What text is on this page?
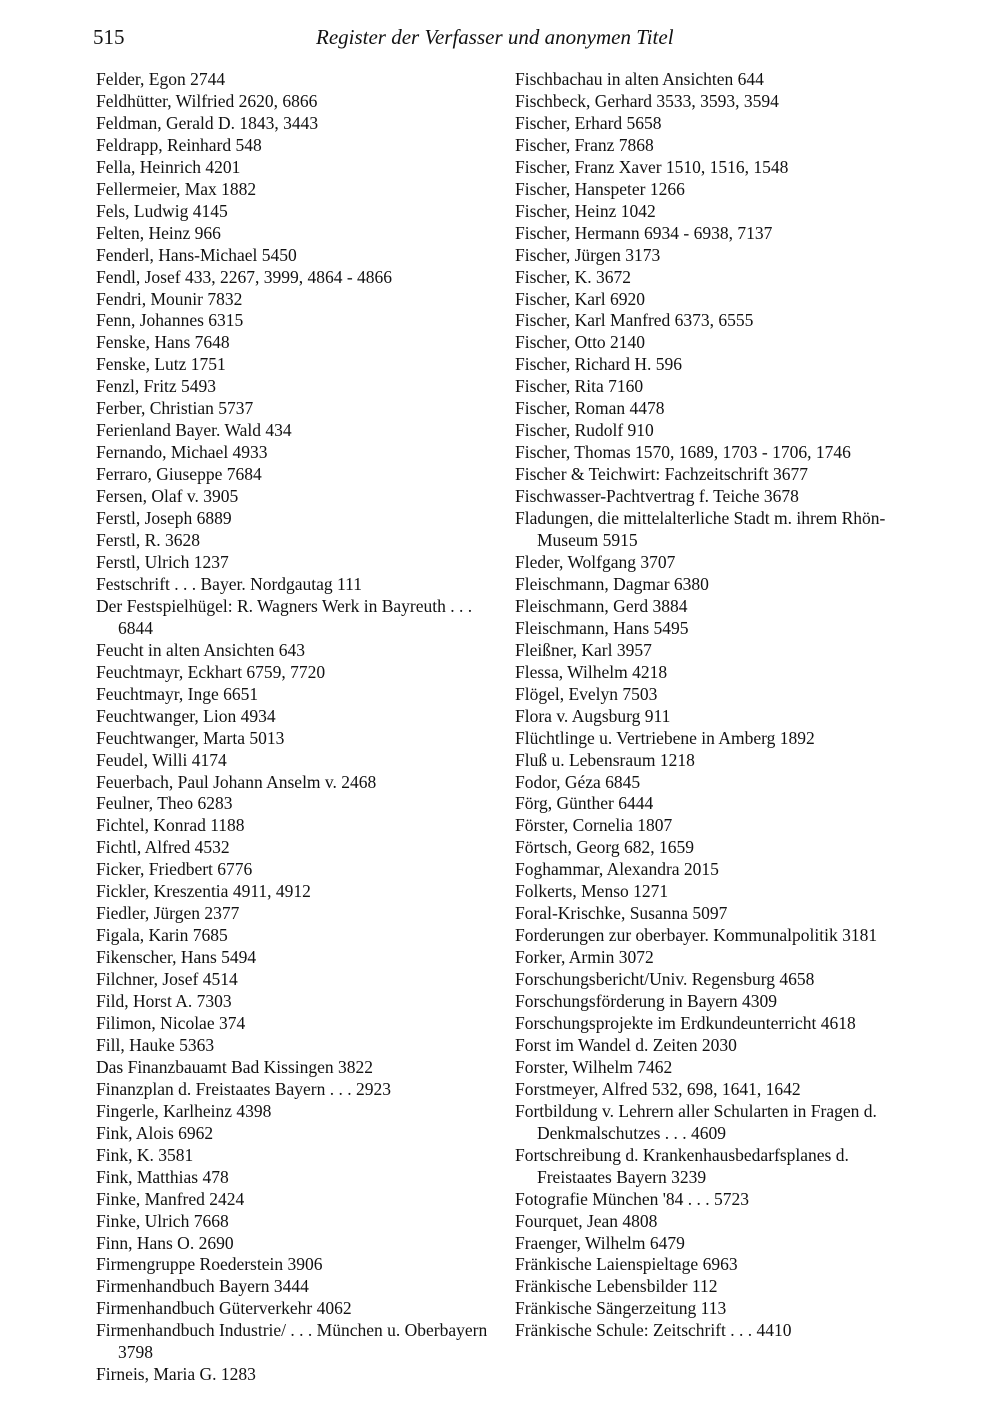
515	Register der Verfasser und anonymen Titel
Felder, Egon 2744
Feldhütter, Wilfried 2620, 6866
Feldman, Gerald D. 1843, 3443
Feldrapp, Reinhard 548
Fella, Heinrich 4201
Fellermeier, Max 1882
Fels, Ludwig 4145
Felten, Heinz 966
Fenderl, Hans-Michael 5450
Fendl, Josef 433, 2267, 3999, 4864 - 4866
Fendri, Mounir 7832
Fenn, Johannes 6315
Fenske, Hans 7648
Fenske, Lutz 1751
Fenzl, Fritz 5493
Ferber, Christian 5737
Ferienland Bayer. Wald 434
Fernando, Michael 4933
Ferraro, Giuseppe 7684
Fersen, Olaf v. 3905
Ferstl, Joseph 6889
Ferstl, R. 3628
Ferstl, Ulrich 1237
Festschrift . . . Bayer. Nordgautag 111
Der Festspielhügel: R. Wagners Werk in Bayreuth . . . 6844
Feucht in alten Ansichten 643
Feuchtmayr, Eckhart 6759, 7720
Feuchtmayr, Inge 6651
Feuchtwanger, Lion 4934
Feuchtwanger, Marta 5013
Feudel, Willi 4174
Feuerbach, Paul Johann Anselm v. 2468
Feulner, Theo 6283
Fichtel, Konrad 1188
Fichtl, Alfred 4532
Ficker, Friedbert 6776
Fickler, Kreszentia 4911, 4912
Fiedler, Jürgen 2377
Figala, Karin 7685
Fikenscher, Hans 5494
Filchner, Josef 4514
Fild, Horst A. 7303
Filimon, Nicolae 374
Fill, Hauke 5363
Das Finanzbauamt Bad Kissingen 3822
Finanzplan d. Freistaates Bayern . . . 2923
Fingerle, Karlheinz 4398
Fink, Alois 6962
Fink, K. 3581
Fink, Matthias 478
Finke, Manfred 2424
Finke, Ulrich 7668
Finn, Hans O. 2690
Firmengruppe Roederstein 3906
Firmenhandbuch Bayern 3444
Firmenhandbuch Güterverkehr 4062
Firmenhandbuch Industrie/ . . . München u. Oberbayern 3798
Firneis, Maria G. 1283
Fischbachau in alten Ansichten 644
Fischbeck, Gerhard 3533, 3593, 3594
Fischer, Erhard 5658
Fischer, Franz 7868
Fischer, Franz Xaver 1510, 1516, 1548
Fischer, Hanspeter 1266
Fischer, Heinz 1042
Fischer, Hermann 6934 - 6938, 7137
Fischer, Jürgen 3173
Fischer, K. 3672
Fischer, Karl 6920
Fischer, Karl Manfred 6373, 6555
Fischer, Otto 2140
Fischer, Richard H. 596
Fischer, Rita 7160
Fischer, Roman 4478
Fischer, Rudolf 910
Fischer, Thomas 1570, 1689, 1703 - 1706, 1746
Fischer & Teichwirt: Fachzeitschrift 3677
Fischwasser-Pachtvertrag f. Teiche 3678
Fladungen, die mittelalterliche Stadt m. ihrem Rhön-Museum 5915
Fleder, Wolfgang 3707
Fleischmann, Dagmar 6380
Fleischmann, Gerd 3884
Fleischmann, Hans 5495
Fleißner, Karl 3957
Flessa, Wilhelm 4218
Flögel, Evelyn 7503
Flora v. Augsburg 911
Flüchtlinge u. Vertriebene in Amberg 1892
Fluß u. Lebensraum 1218
Fodor, Géza 6845
Förg, Günther 6444
Förster, Cornelia 1807
Förtsch, Georg 682, 1659
Foghammar, Alexandra 2015
Folkerts, Menso 1271
Foral-Krischke, Susanna 5097
Forderungen zur oberbayer. Kommunalpolitik 3181
Forker, Armin 3072
Forschungsbericht/Univ. Regensburg 4658
Forschungsförderung in Bayern 4309
Forschungsprojekte im Erdkundeunterricht 4618
Forst im Wandel d. Zeiten 2030
Forster, Wilhelm 7462
Forstmeyer, Alfred 532, 698, 1641, 1642
Fortbildung v. Lehrern aller Schularten in Fragen d. Denkmalschutzes . . . 4609
Fortschreibung d. Krankenhausbedarfsplanes d. Freistaates Bayern 3239
Fotografie München '84 . . . 5723
Fourquet, Jean 4808
Fraenger, Wilhelm 6479
Fränkische Laienspieltage 6963
Fränkische Lebensbilder 112
Fränkische Sängerzeitung 113
Fränkische Schule: Zeitschrift . . . 4410
